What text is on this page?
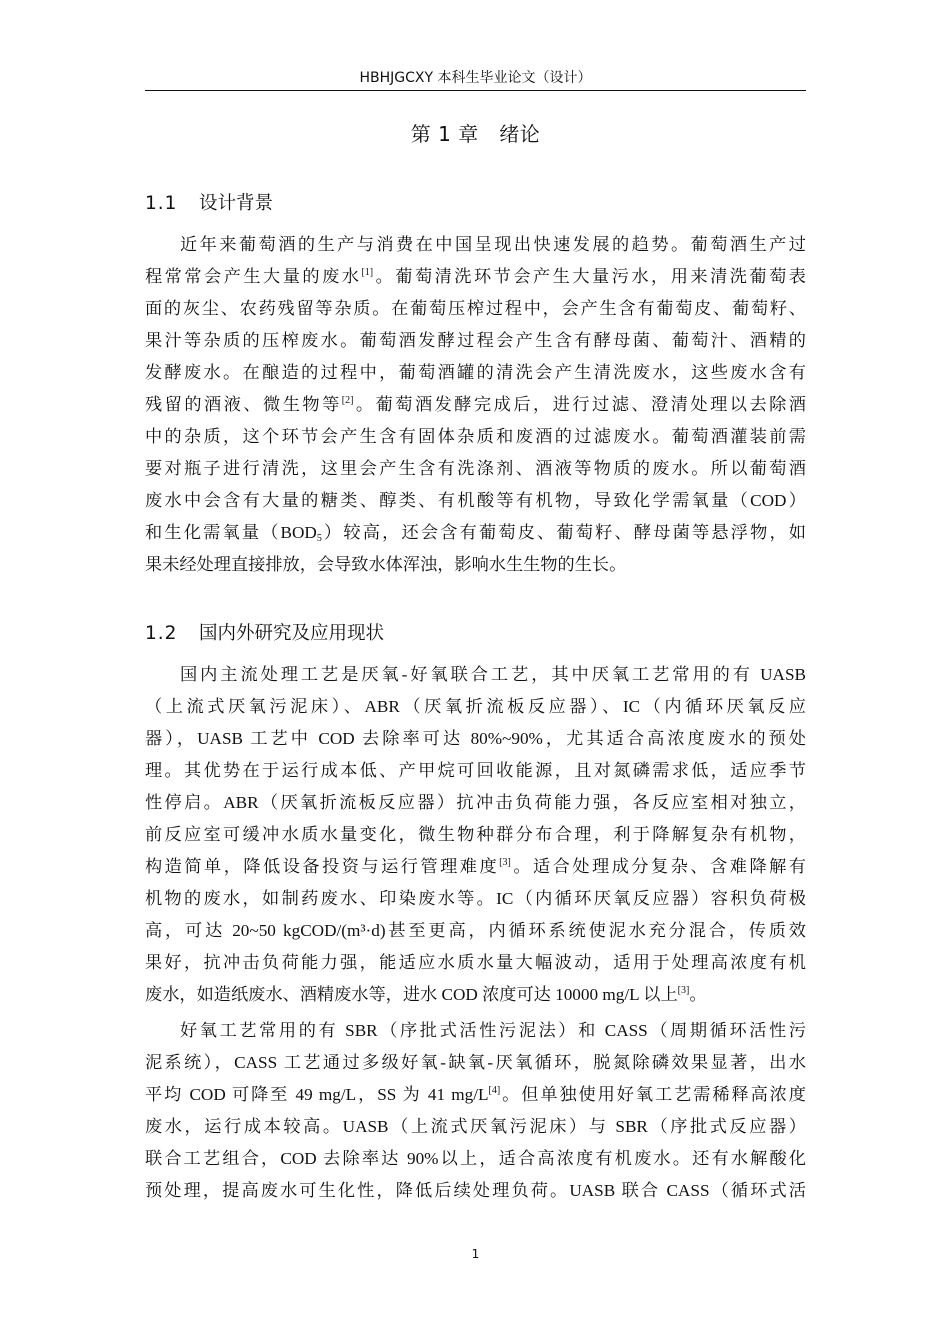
HBHJGCXY 本科生毕业论文（设计）
第 1 章　绪论
1.1 设计背景
近年来葡萄酒的生产与消费在中国呈现出快速发展的趋势。葡萄酒生产过
程常常会产生大量的废水[1]。葡萄清洗环节会产生大量污水，用来清洗葡萄表
面的灰尘、农药残留等杂质。在葡萄压榨过程中，会产生含有葡萄皮、葡萄籽、
果汁等杂质的压榨废水。葡萄酒发酵过程会产生含有酵母菌、葡萄汁、酒精的
发酵废水。在酿造的过程中，葡萄酒罐的清洗会产生清洗废水，这些废水含有
残留的酒液、微生物等[2]。葡萄酒发酵完成后，进行过滤、澄清处理以去除酒
中的杂质，这个环节会产生含有固体杂质和废酒的过滤废水。葡萄酒灌装前需
要对瓶子进行清洗，这里会产生含有洗涤剂、酒液等物质的废水。所以葡萄酒
废水中会含有大量的糖类、醇类、有机酸等有机物，导致化学需氧量（COD）
和生化需氧量$(BOD_5)$较高，还会含有葡萄皮、葡萄籽、酵母菌等悬浮物，如
果未经处理直接排放，会导致水体浑浊，影响水生生物的生长。
1.2 国内外研究及应用现状
国内主流处理工艺是厌氧-好氧联合工艺，其中厌氧工艺常用的有 UASB
（上流式厌氧污泥床）、ABR（厌氧折流板反应器）、IC（内循环厌氧反应
器），UASB 工艺中 COD 去除率可达 80%~90%，尤其适合高浓度废水的预处
理。其优势在于运行成本低、产甲烷可回收能源，且对氮磷需求低，适应季节
性停启。ABR（厌氧折流板反应器）抗冲击负荷能力强，各反应室相对独立，
前反应室可缓冲水质水量变化，微生物种群分布合理，利于降解复杂有机物，
构造简单，降低设备投资与运行管理难度[3]。适合处理成分复杂、含难降解有
机物的废水，如制药废水、印染废水等。IC（内循环厌氧反应器）容积负荷极
高，可达 20~50 kgCOD/(m³·d)甚至更高，内循环系统使泥水充分混合，传质效
果好，抗冲击负荷能力强，能适应水质水量大幅波动，适用于处理高浓度有机
废水，如造纸废水、酒精废水等，进水 COD 浓度可达 10000 mg/L 以上[3]。
好氧工艺常用的有 SBR（序批式活性污泥法）和 CASS（周期循环活性污
泥系统），CASS 工艺通过多级好氧-缺氧-厌氧循环，脱氮除磷效果显著，出水
平均 COD 可降至 49 mg/L，SS 为 41 mg/L[4]。但单独使用好氧工艺需稀释高浓度
废水，运行成本较高。UASB（上流式厌氧污泥床）与 SBR（序批式反应器）
联合工艺组合，COD 去除率达 90%以上，适合高浓度有机废水。还有水解酸化
预处理，提高废水可生化性，降低后续处理负荷。UASB 联合 CASS（循环式活
1
